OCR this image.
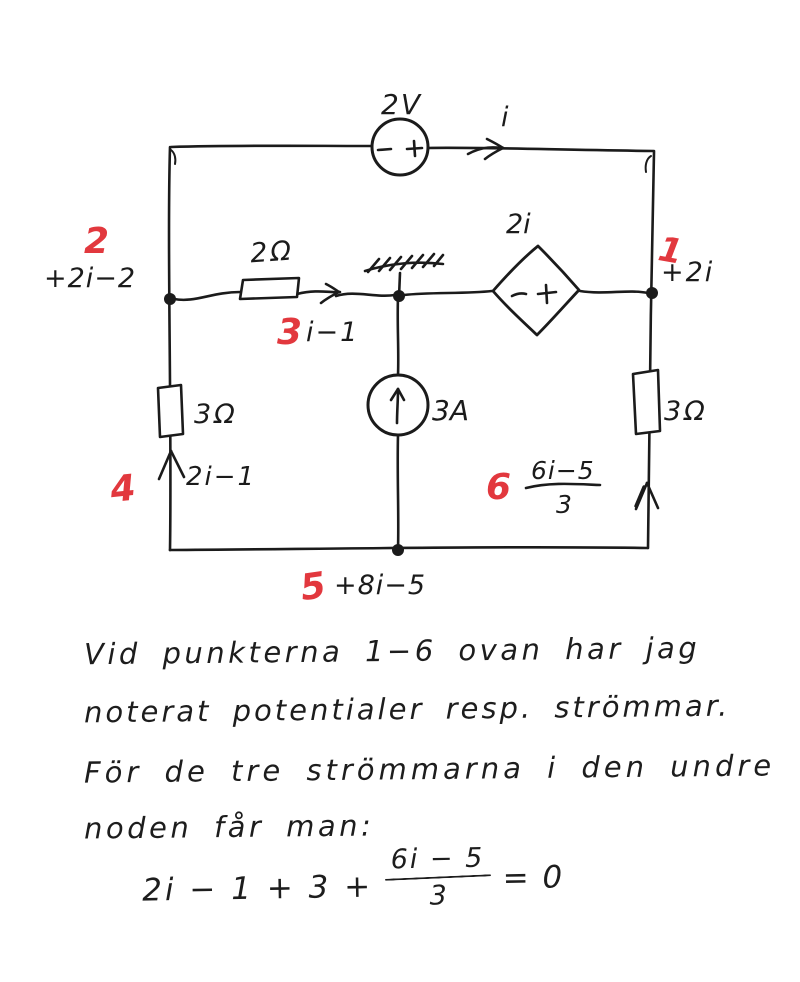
2V	i
2Ω
2i
3A
3Ω	3Ω
1
2
3
4
5
6
+2i
+2i−2
i−1
2i−1
+8i−5
6i−5
3
Vid punkterna 1−6 ovan har jag
noterat potentialer resp. strömmar.
För de tre strömmarna i den undre
noden får man:
2i − 1 + 3 +
6i − 5
3 = 0
